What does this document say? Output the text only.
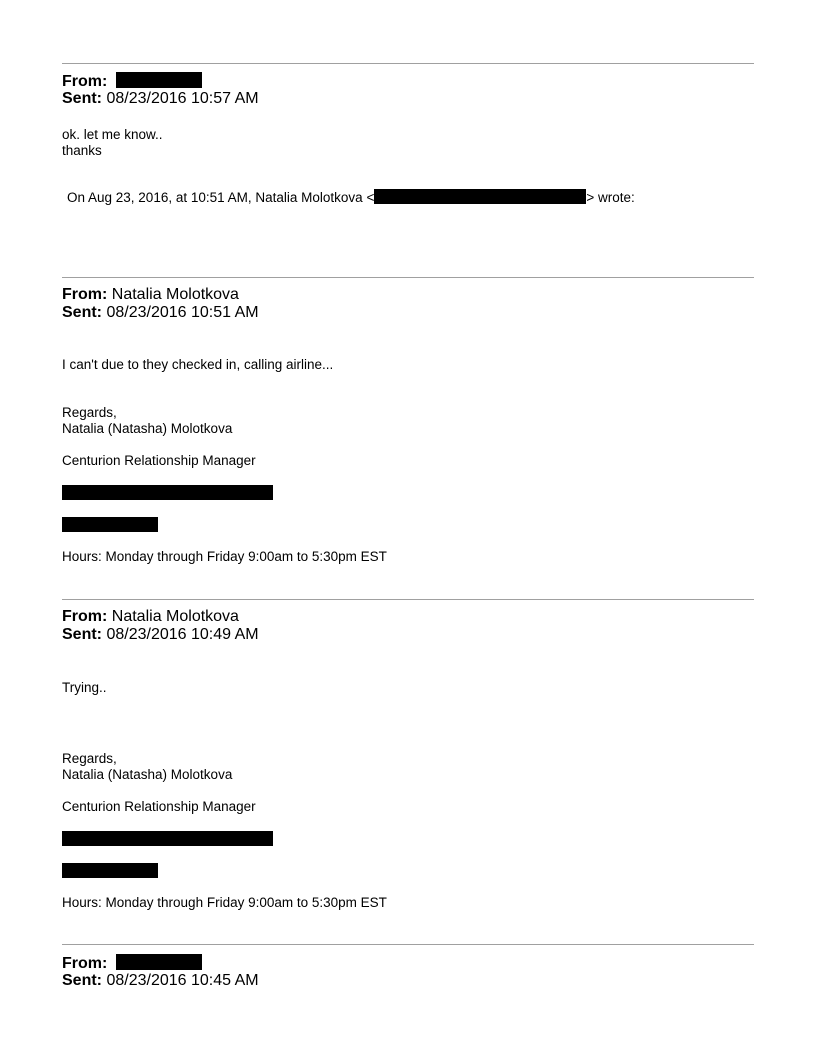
From:
Sent: 08/23/2016 10:57 AM
ok. let me know..
thanks
On Aug 23, 2016, at 10:51 AM, Natalia Molotkova <	> wrote:
From: Natalia Molotkova
Sent: 08/23/2016 10:51 AM
I can't due to they checked in, calling airline...
Regards,
Natalia (Natasha) Molotkova
Centurion Relationship Manager
Hours: Monday through Friday 9:00am to 5:30pm EST
From: Natalia Molotkova
Sent: 08/23/2016 10:49 AM
Trying..
Regards,
Natalia (Natasha) Molotkova
Centurion Relationship Manager
Hours: Monday through Friday 9:00am to 5:30pm EST
From:
Sent: 08/23/2016 10:45 AM
